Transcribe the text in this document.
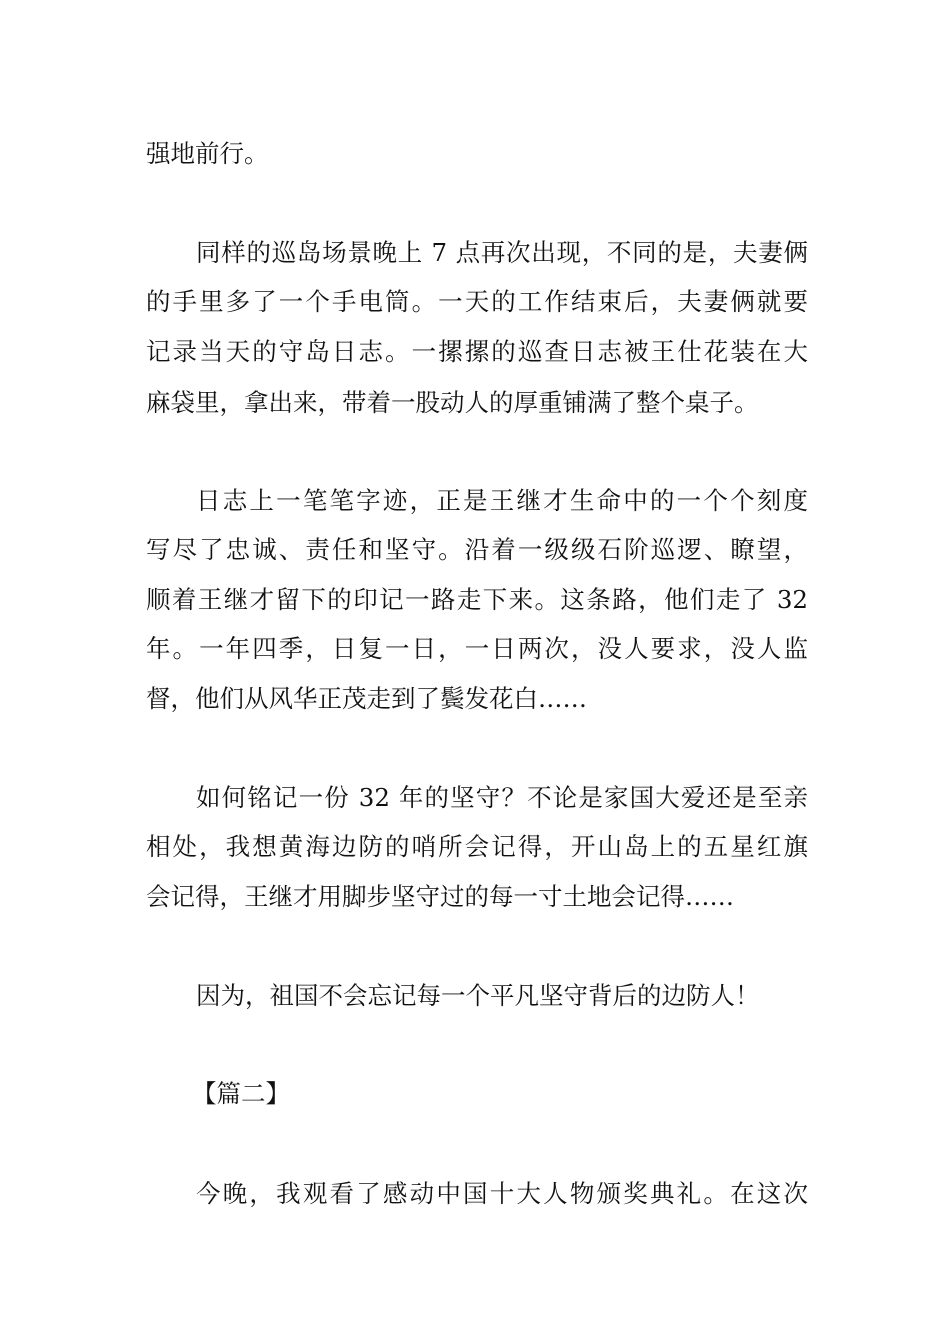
强地前行。
同样的巡岛场景晚上 7 点再次出现，不同的是，夫妻俩
的手里多了一个手电筒。一天的工作结束后，夫妻俩就要
记录当天的守岛日志。一摞摞的巡查日志被王仕花装在大
麻袋里，拿出来，带着一股动人的厚重铺满了整个桌子。
日志上一笔笔字迹，正是王继才生命中的一个个刻度
写尽了忠诚、责任和坚守。沿着一级级石阶巡逻、瞭望，
顺着王继才留下的印记一路走下来。这条路，他们走了 32
年。一年四季，日复一日，一日两次，没人要求，没人监
督，他们从风华正茂走到了鬓发花白……
如何铭记一份 32 年的坚守？不论是家国大爱还是至亲
相处，我想黄海边防的哨所会记得，开山岛上的五星红旗
会记得，王继才用脚步坚守过的每一寸土地会记得……
因为，祖国不会忘记每一个平凡坚守背后的边防人！
【篇二】
今晚，我观看了感动中国十大人物颁奖典礼。在这次
